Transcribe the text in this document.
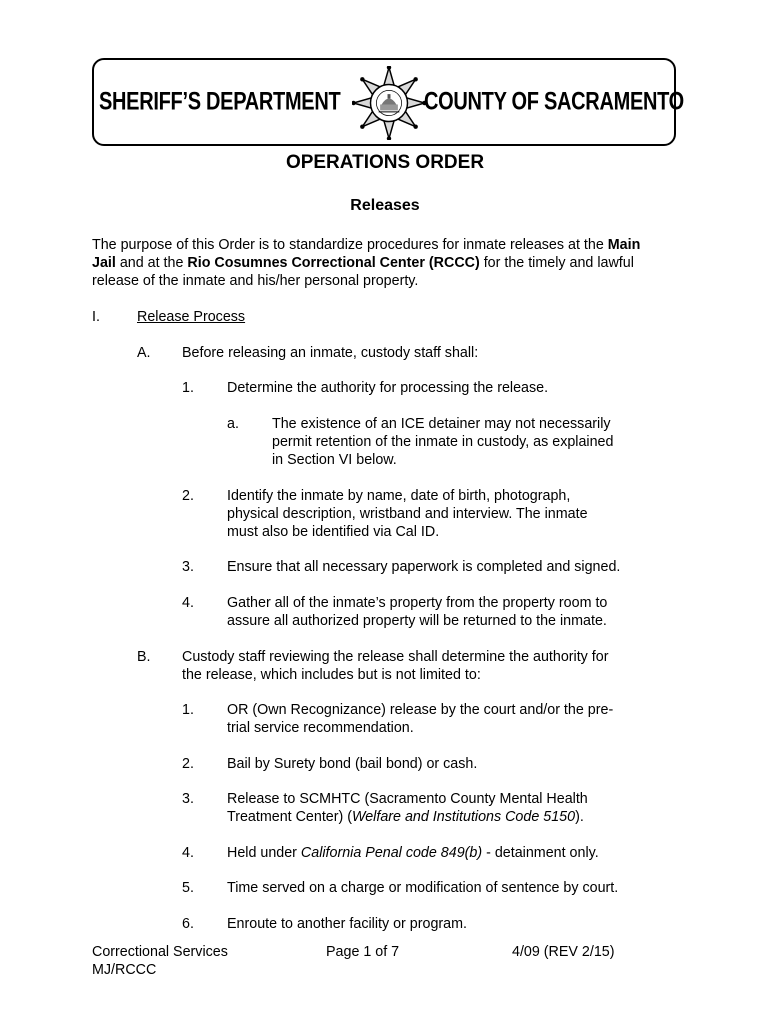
SHERIFF’S DEPARTMENT	COUNTY OF SACRAMENTO
OPERATIONS ORDER
Releases
The purpose of this Order is to standardize procedures for inmate releases at the Main
Jail and at the Rio Cosumnes Correctional Center (RCCC) for the timely and lawful
release of the inmate and his/her personal property.
I.	Release Process
A. Before releasing an inmate, custody staff shall:
1. Determine the authority for processing the release.
a. The existence of an ICE detainer may not necessarily
permit retention of the inmate in custody, as explained
in Section VI below.
2. Identify the inmate by name, date of birth, photograph,
physical description, wristband and interview. The inmate
must also be identified via Cal ID.
3. Ensure that all necessary paperwork is completed and signed.
4. Gather all of the inmate’s property from the property room to
assure all authorized property will be returned to the inmate.
B. Custody staff reviewing the release shall determine the authority for
the release, which includes but is not limited to:
1. OR (Own Recognizance) release by the court and/or the pre-
trial service recommendation.
2. Bail by Surety bond (bail bond) or cash.
3. Release to SCMHTC (Sacramento County Mental Health
Treatment Center) (Welfare and Institutions Code 5150).
4. Held under California Penal code 849(b) - detainment only.
5. Time served on a charge or modification of sentence by court.
6. Enroute to another facility or program.
Correctional Services
MJ/RCCC
Page 1 of 7	4/09 (REV 2/15)
